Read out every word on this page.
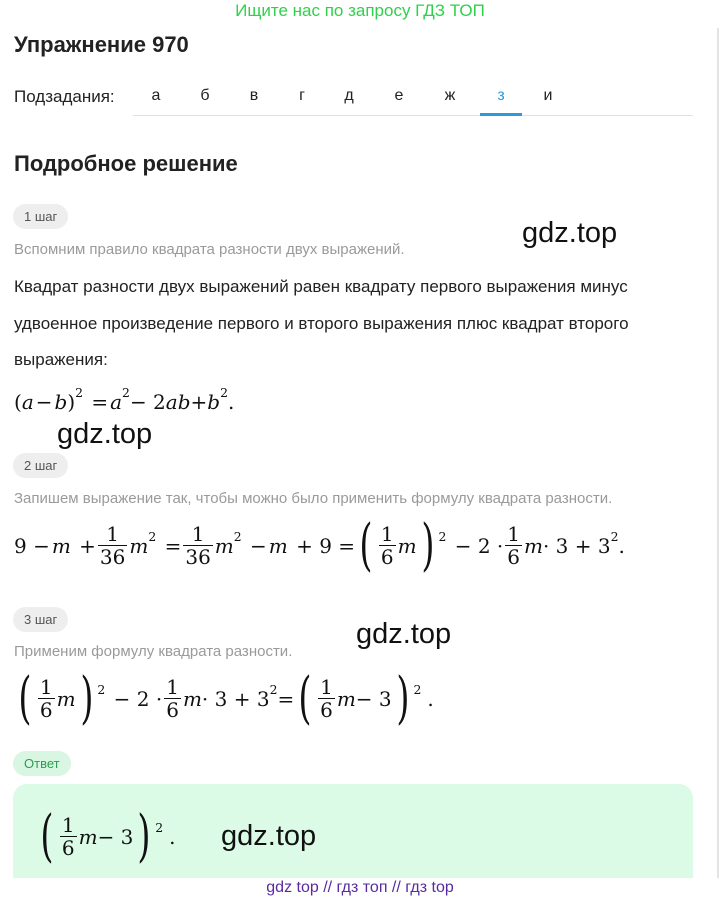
Ищите нас по запросу ГДЗ ТОП
Упражнение 970
Подзадания:	а	б	в	г	д	е	ж	з	и
Подробное решение
1 шаг
Вспомним правило квадрата разности двух выражений.
Квадрат разности двух выражений равен квадрату первого выражения минус
удвоенное произведение первого и второго выражения плюс квадрат второго
выражения:
( a  −  b ) 2   =  a 2 − 2 ab + b 2 .
2 шаг
Запишем выражение так, чтобы можно было применить формулу квадрата разности.
9 −  m   + $\frac{1}{36}$ m 2   = $\frac{1}{36}$ m 2   −  m   + 9 = ( $\frac{1}{6}$ m ) 2   − $2 \cdot \frac{1}{6}$ m · 3 + 3 2 .
3 шаг
Применим формулу квадрата разности.
( $\frac{1}{6}$ m ) 2   − $2 \cdot \frac{1}{6}$ m · 3 + 3 2 = ( $\frac{1}{6}$ m − 3 ) 2 .
Ответ
( $\frac{1}{6}$ m − 3 ) 2 .
gdz.top
gdz.top
gdz.top
gdz.top
gdz top // гдз топ // гдз top
